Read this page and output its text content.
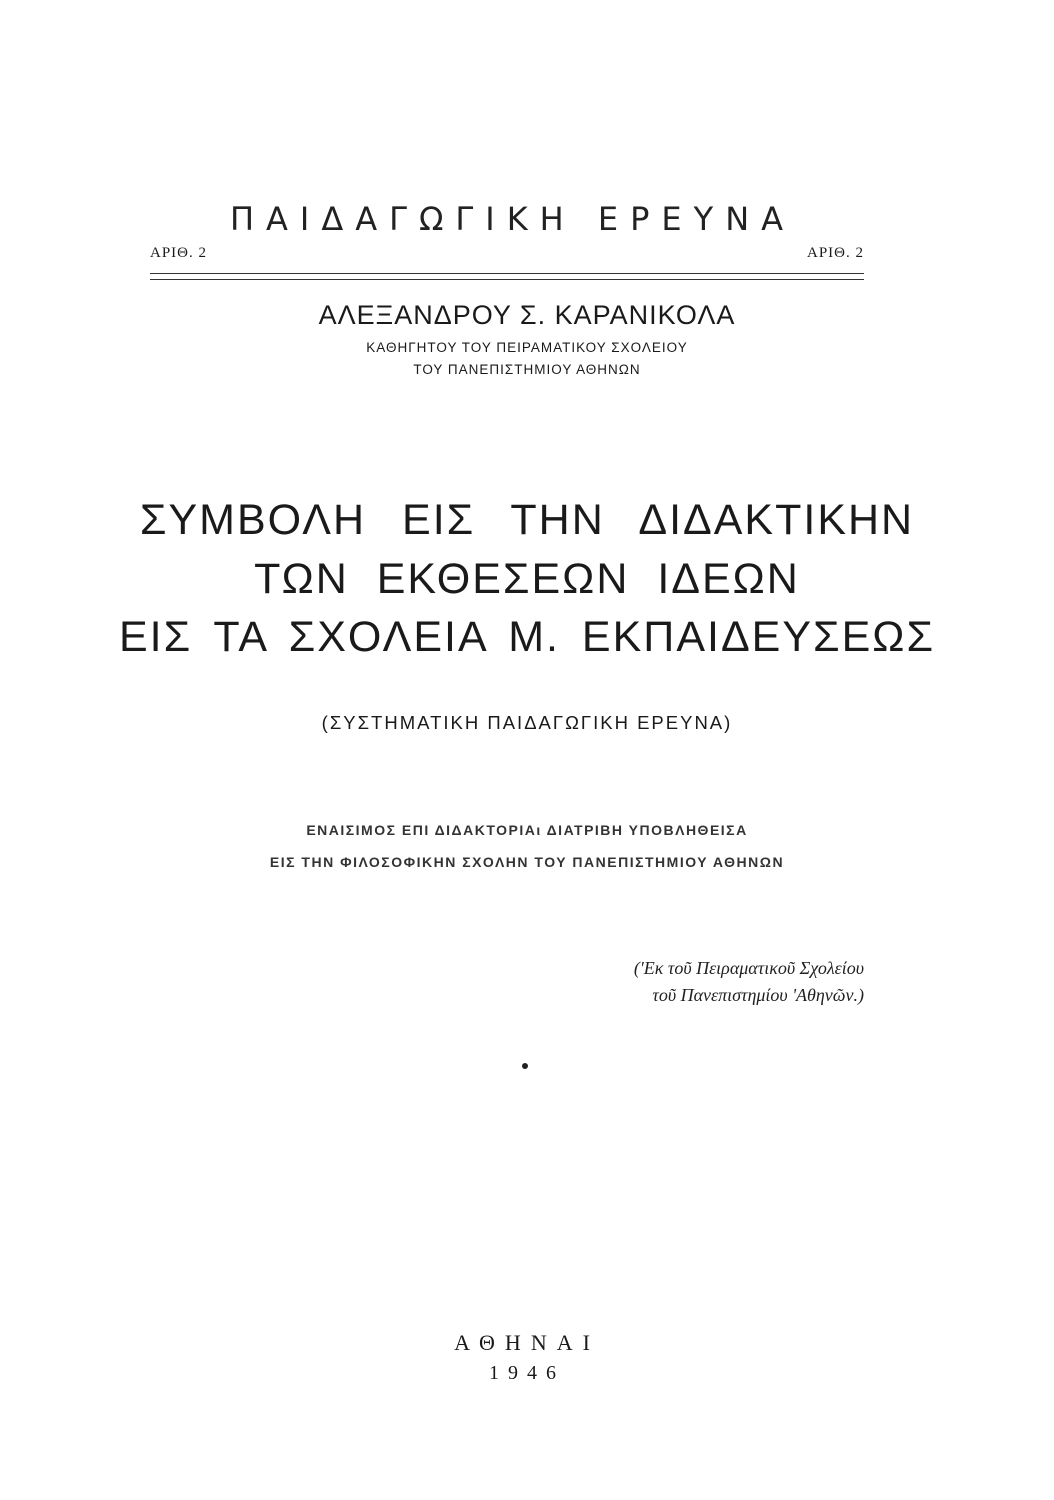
ΠΑΙΔΑΓΩΓΙΚΗ ΕΡΕΥΝΑ
ΑΡΙΘ. 2	ΑΡΙΘ. 2
ΑΛΕΞΑΝΔΡΟΥ Σ. ΚΑΡΑΝΙΚΟΛΑ
ΚΑΘΗΓΗΤΟΥ ΤΟΥ ΠΕΙΡΑΜΑΤΙΚΟΥ ΣΧΟΛΕΙΟΥ
ΤΟΥ ΠΑΝΕΠΙΣΤΗΜΙΟΥ ΑΘΗΝΩΝ
ΣΥΜΒΟΛΗ ΕΙΣ ΤΗΝ ΔΙΔΑΚΤΙΚΗΝ
ΤΩΝ ΕΚΘΕΣΕΩΝ ΙΔΕΩΝ
ΕΙΣ ΤΑ ΣΧΟΛΕΙΑ Μ. ΕΚΠΑΙΔΕΥΣΕΩΣ
(ΣΥΣΤΗΜΑΤΙΚΗ ΠΑΙΔΑΓΩΓΙΚΗ ΕΡΕΥΝΑ)
ΕΝΑΙΣΙΜΟΣ ΕΠΙ ΔΙΔΑΚΤΟΡΙΑι ΔΙΑΤΡΙΒΗ ΥΠΟΒΛΗΘΕΙΣΑ
ΕΙΣ ΤΗΝ ΦΙΛΟΣΟΦΙΚΗΝ ΣΧΟΛΗΝ ΤΟΥ ΠΑΝΕΠΙΣΤΗΜΙΟΥ ΑΘΗΝΩΝ
('Εκ τοῦ Πειραματικοῦ Σχολείου
τοῦ Πανεπιστημίου 'Αθηνῶν.)
ΑΘΗΝΑΙ
1946
